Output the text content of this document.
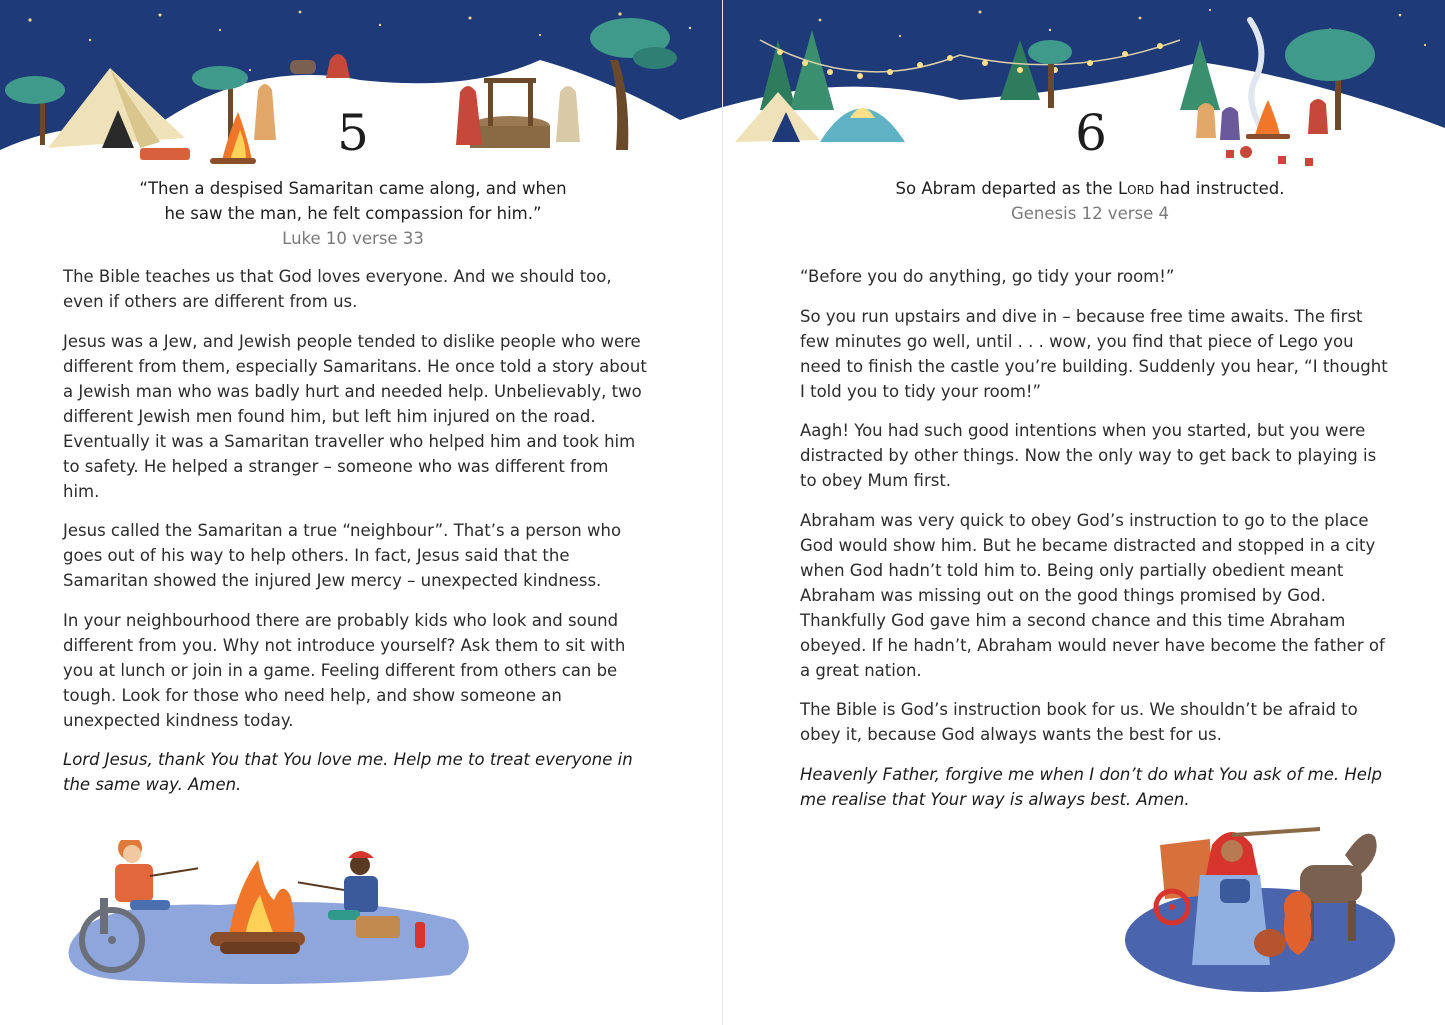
5
“Then a despised Samaritan came along, and when
he saw the man, he felt compassion for him.”
Luke 10 verse 33

The Bible teaches us that God loves everyone. And we should too, even if others are different from us.

Jesus was a Jew, and Jewish people tended to dislike people who were different from them, especially Samaritans. He once told a story about a Jewish man who was badly hurt and needed help. Unbelievably, two different Jewish men found him, but left him injured on the road. Eventually it was a Samaritan traveller who helped him and took him to safety. He helped a stranger – someone who was different from him.

Jesus called the Samaritan a true “neighbour”. That’s a person who goes out of his way to help others. In fact, Jesus said that the Samaritan showed the injured Jew mercy – unexpected kindness.

In your neighbourhood there are probably kids who look and sound different from you. Why not introduce yourself? Ask them to sit with you at lunch or join in a game. Feeling different from others can be tough. Look for those who need help, and show someone an unexpected kindness today.

Lord Jesus, thank You that You love me. Help me to treat everyone in the same way. Amen.

6
So Abram departed as the Lord had instructed.
Genesis 12 verse 4

“Before you do anything, go tidy your room!”

So you run upstairs and dive in – because free time awaits. The first few minutes go well, until . . . wow, you find that piece of Lego you need to finish the castle you’re building. Suddenly you hear, “I thought I told you to tidy your room!”

Aagh! You had such good intentions when you started, but you were distracted by other things. Now the only way to get back to playing is to obey Mum first.

Abraham was very quick to obey God’s instruction to go to the place God would show him. But he became distracted and stopped in a city when God hadn’t told him to. Being only partially obedient meant Abraham was missing out on the good things promised by God. Thankfully God gave him a second chance and this time Abraham obeyed. If he hadn’t, Abraham would never have become the father of a great nation.

The Bible is God’s instruction book for us. We shouldn’t be afraid to obey it, because God always wants the best for us.

Heavenly Father, forgive me when I don’t do what You ask of me. Help me realise that Your way is always best. Amen.
